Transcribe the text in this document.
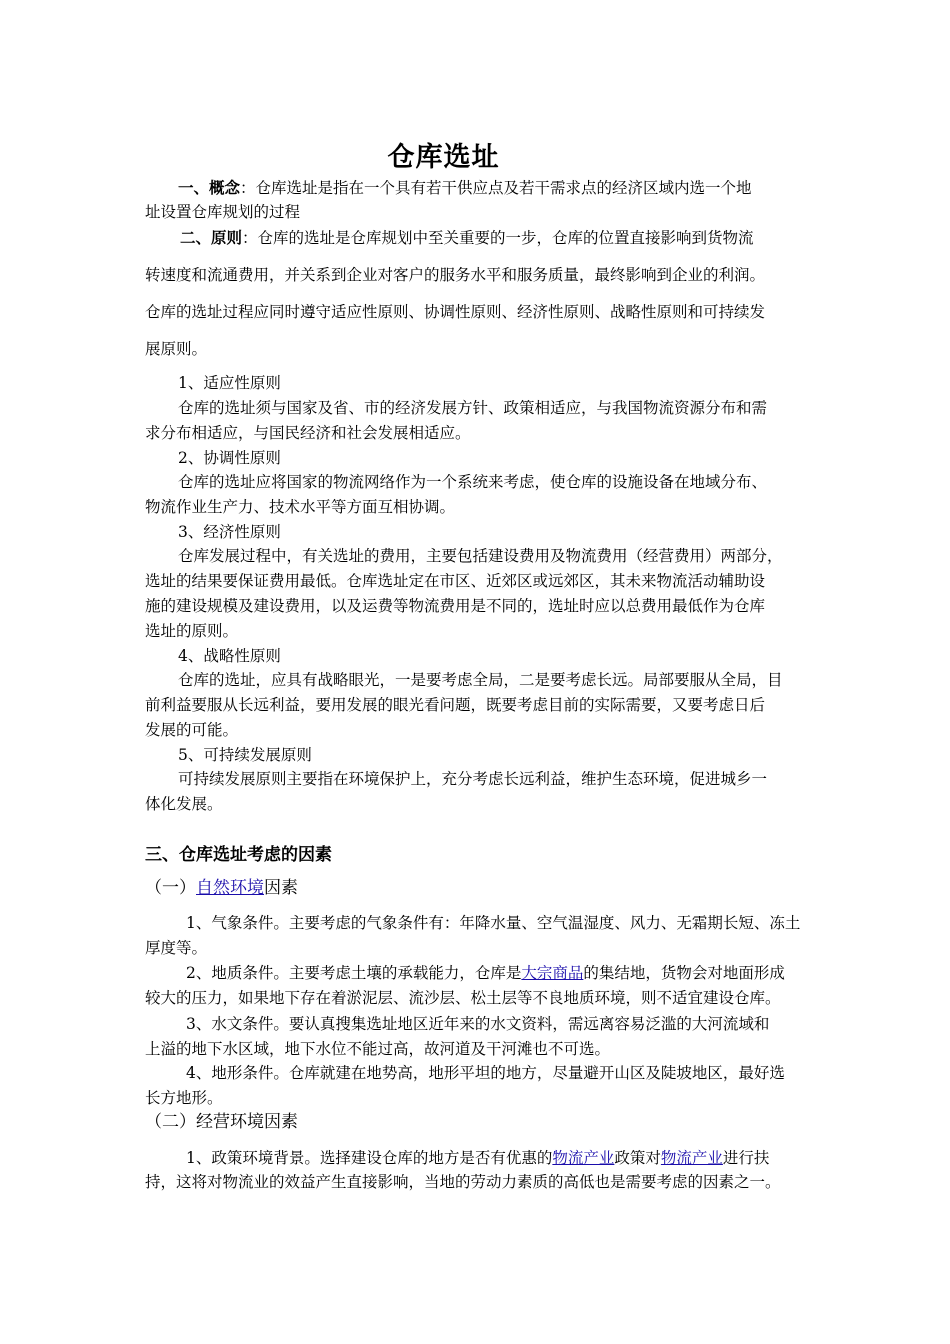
仓库选址

一、概念：仓库选址是指在一个具有若干供应点及若干需求点的经济区域内选一个地

址设置仓库规划的过程

二、原则：仓库的选址是仓库规划中至关重要的一步，仓库的位置直接影响到货物流

转速度和流通费用，并关系到企业对客户的服务水平和服务质量，最终影响到企业的利润。

仓库的选址过程应同时遵守适应性原则、协调性原则、经济性原则、战略性原则和可持续发

展原则。

1、适应性原则

仓库的选址须与国家及省、市的经济发展方针、政策相适应，与我国物流资源分布和需

求分布相适应，与国民经济和社会发展相适应。

2、协调性原则

仓库的选址应将国家的物流网络作为一个系统来考虑，使仓库的设施设备在地域分布、

物流作业生产力、技术水平等方面互相协调。

3、经济性原则

仓库发展过程中，有关选址的费用，主要包括建设费用及物流费用（经营费用）两部分，

选址的结果要保证费用最低。仓库选址定在市区、近郊区或远郊区，其未来物流活动辅助设

施的建设规模及建设费用，以及运费等物流费用是不同的，选址时应以总费用最低作为仓库

选址的原则。

4、战略性原则

仓库的选址，应具有战略眼光，一是要考虑全局，二是要考虑长远。局部要服从全局，目

前利益要服从长远利益，要用发展的眼光看问题，既要考虑目前的实际需要，又要考虑日后

发展的可能。

5、可持续发展原则

可持续发展原则主要指在环境保护上，充分考虑长远利益，维护生态环境，促进城乡一

体化发展。

三、仓库选址考虑的因素

（一）自然环境因素

1、气象条件。主要考虑的气象条件有：年降水量、空气温湿度、风力、无霜期长短、冻土

厚度等。

2、地质条件。主要考虑土壤的承载能力，仓库是大宗商品的集结地，货物会对地面形成

较大的压力，如果地下存在着淤泥层、流沙层、松土层等不良地质环境，则不适宜建设仓库。

3、水文条件。要认真搜集选址地区近年来的水文资料，需远离容易泛滥的大河流域和

上溢的地下水区域，地下水位不能过高，故河道及干河滩也不可选。

4、地形条件。仓库就建在地势高，地形平坦的地方，尽量避开山区及陡坡地区，最好选

长方地形。

（二）经营环境因素

1、政策环境背景。选择建设仓库的地方是否有优惠的物流产业政策对物流产业进行扶

持，这将对物流业的效益产生直接影响，当地的劳动力素质的高低也是需要考虑的因素之一。
